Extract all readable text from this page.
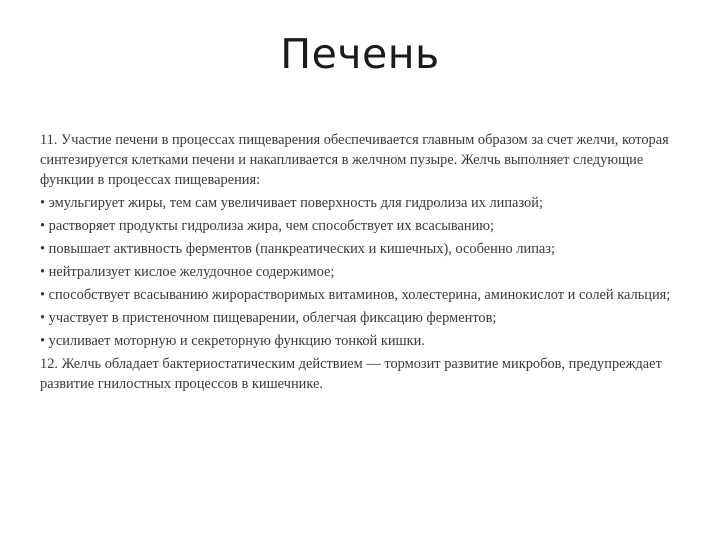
Печень

11. Участие печени в процессах пищеварения обеспечивается главным образом за счет желчи, которая синтезируется клетками печени и накапливается в желчном пузыре. Желчь выполняет следующие функции в процессах пищеварения:

• эмульгирует жиры, тем сам увеличивает поверхность для гидролиза их липазой;

• растворяет продукты гидролиза жира, чем способствует их всасыванию;

• повышает активность ферментов (панкреатических и кишечных), особенно липаз;

• нейтрализует кислое желудочное содержимое;

• способствует всасыванию жирорастворимых витаминов, холестерина, аминокислот и солей кальция;

• участвует в пристеночном пищеварении, облегчая фиксацию ферментов;

• усиливает моторную и секреторную функцию тонкой кишки.

12. Желчь обладает бактериостатическим действием — тормозит развитие микробов, предупреждает развитие гнилостных процессов в кишечнике.
